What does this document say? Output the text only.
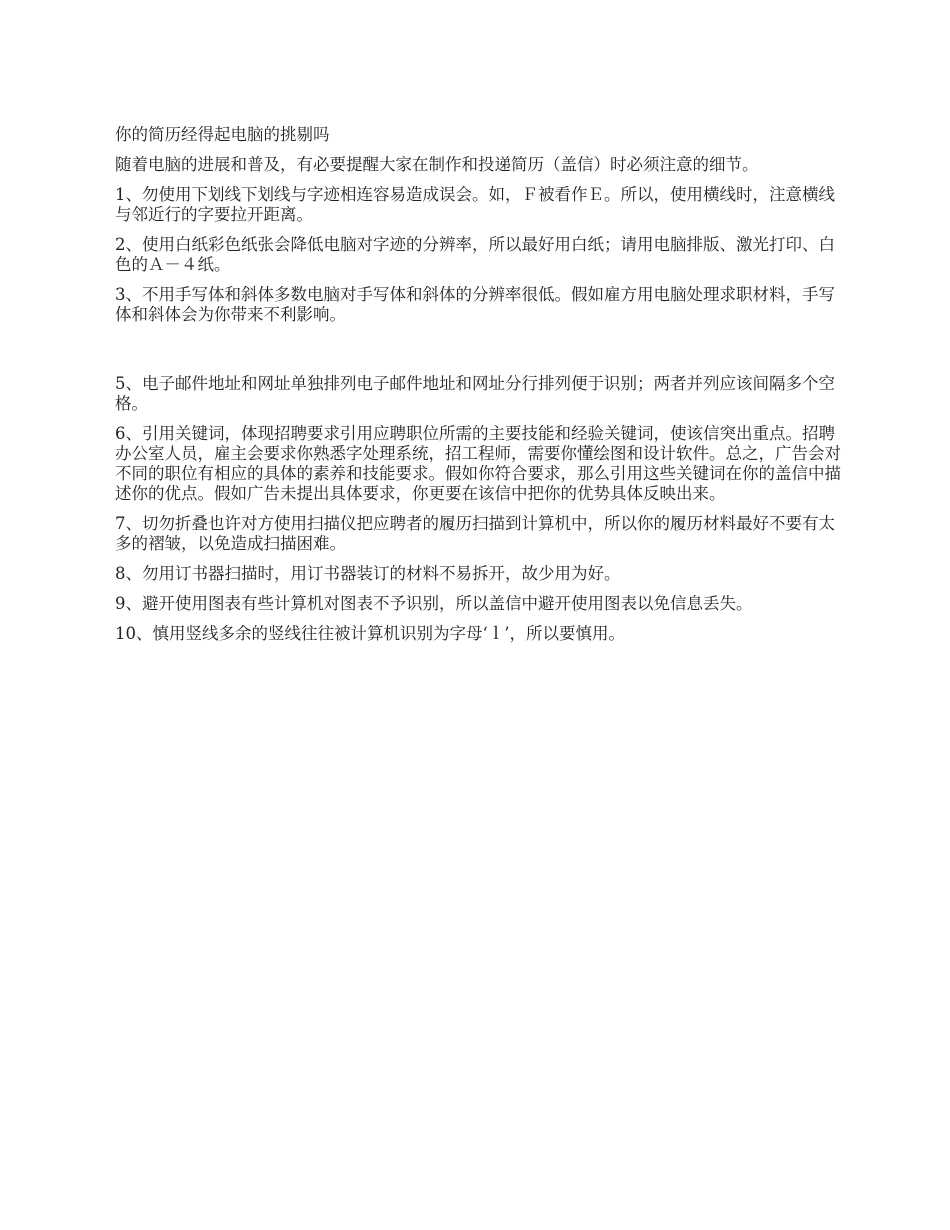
你的简历经得起电脑的挑剔吗

随着电脑的进展和普及，有必要提醒大家在制作和投递简历（盖信）时必须注意的细节。

1、勿使用下划线下划线与字迹相连容易造成误会。如，Ｆ被看作Ｅ。所以，使用横线时，注意横线与邻近行的字要拉开距离。

2、使用白纸彩色纸张会降低电脑对字迹的分辨率，所以最好用白纸；请用电脑排版、激光打印、白色的Ａ－４纸。

3、不用手写体和斜体多数电脑对手写体和斜体的分辨率很低。假如雇方用电脑处理求职材料，手写体和斜体会为你带来不利影响。

5、电子邮件地址和网址单独排列电子邮件地址和网址分行排列便于识别；两者并列应该间隔多个空格。

6、引用关键词，体现招聘要求引用应聘职位所需的主要技能和经验关键词，使该信突出重点。招聘办公室人员，雇主会要求你熟悉字处理系统，招工程师，需要你懂绘图和设计软件。总之，广告会对不同的职位有相应的具体的素养和技能要求。假如你符合要求，那么引用这些关键词在你的盖信中描述你的优点。假如广告未提出具体要求，你更要在该信中把你的优势具体反映出来。

7、切勿折叠也许对方使用扫描仪把应聘者的履历扫描到计算机中，所以你的履历材料最好不要有太多的褶皱，以免造成扫描困难。

8、勿用订书器扫描时，用订书器装订的材料不易拆开，故少用为好。

9、避开使用图表有些计算机对图表不予识别，所以盖信中避开使用图表以免信息丢失。

10、慎用竖线多余的竖线往往被计算机识别为字母‘ｌ’，所以要慎用。
